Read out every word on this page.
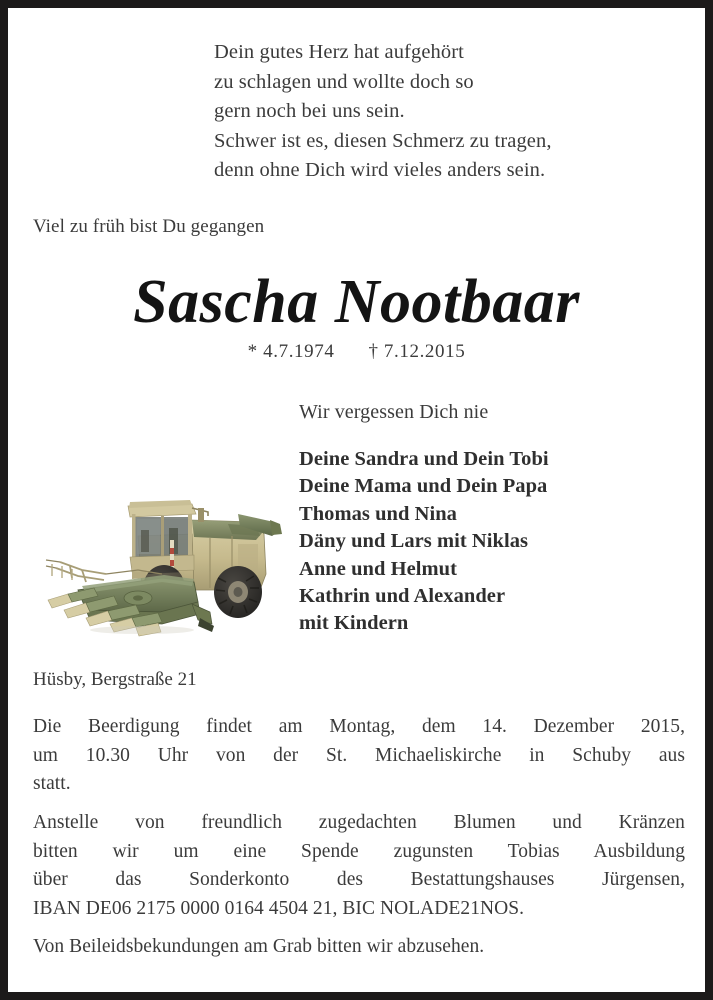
Dein gutes Herz hat aufgehört
zu schlagen und wollte doch so
gern noch bei uns sein.
Schwer ist es, diesen Schmerz zu tragen,
denn ohne Dich wird vieles anders sein.
Viel zu früh bist Du gegangen
Sascha Nootbaar
* 4.7.1974 † 7.12.2015
Wir vergessen Dich nie
Deine Sandra und Dein Tobi
Deine Mama und Dein Papa
Thomas und Nina
Däny und Lars mit Niklas
Anne und Helmut
Kathrin und Alexander
mit Kindern
Hüsby, Bergstraße 21
Die Beerdigung findet am Montag, dem 14. Dezember 2015,
um 10.30 Uhr von der St. Michaeliskirche in Schuby aus
statt.
Anstelle von freundlich zugedachten Blumen und Kränzen
bitten wir um eine Spende zugunsten Tobias Ausbildung
über das Sonderkonto des Bestattungshauses Jürgensen,
IBAN DE06 2175 0000 0164 4504 21, BIC NOLADE21NOS.
Von Beileidsbekundungen am Grab bitten wir abzusehen.
